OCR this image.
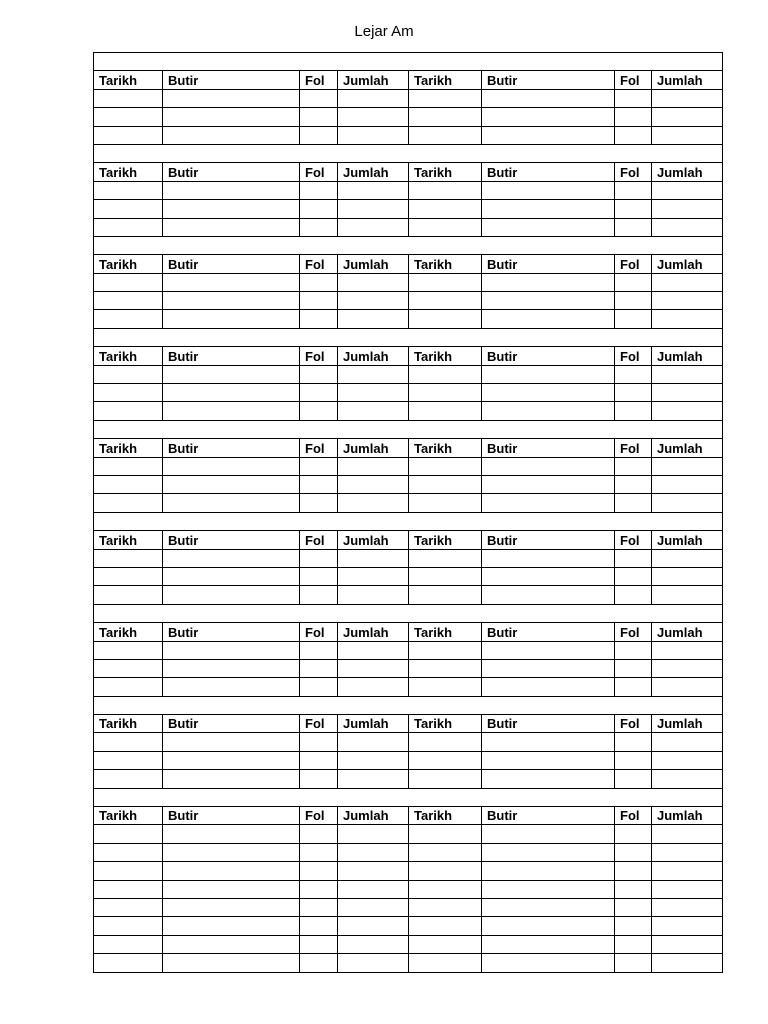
Lejar Am

Tarikh	Butir	Fol	Jumlah	Tarikh	Butir	Fol	Jumlah

Tarikh	Butir	Fol	Jumlah	Tarikh	Butir	Fol	Jumlah

Tarikh	Butir	Fol	Jumlah	Tarikh	Butir	Fol	Jumlah

Tarikh	Butir	Fol	Jumlah	Tarikh	Butir	Fol	Jumlah

Tarikh	Butir	Fol	Jumlah	Tarikh	Butir	Fol	Jumlah

Tarikh	Butir	Fol	Jumlah	Tarikh	Butir	Fol	Jumlah

Tarikh	Butir	Fol	Jumlah	Tarikh	Butir	Fol	Jumlah

Tarikh	Butir	Fol	Jumlah	Tarikh	Butir	Fol	Jumlah

Tarikh	Butir	Fol	Jumlah	Tarikh	Butir	Fol	Jumlah
